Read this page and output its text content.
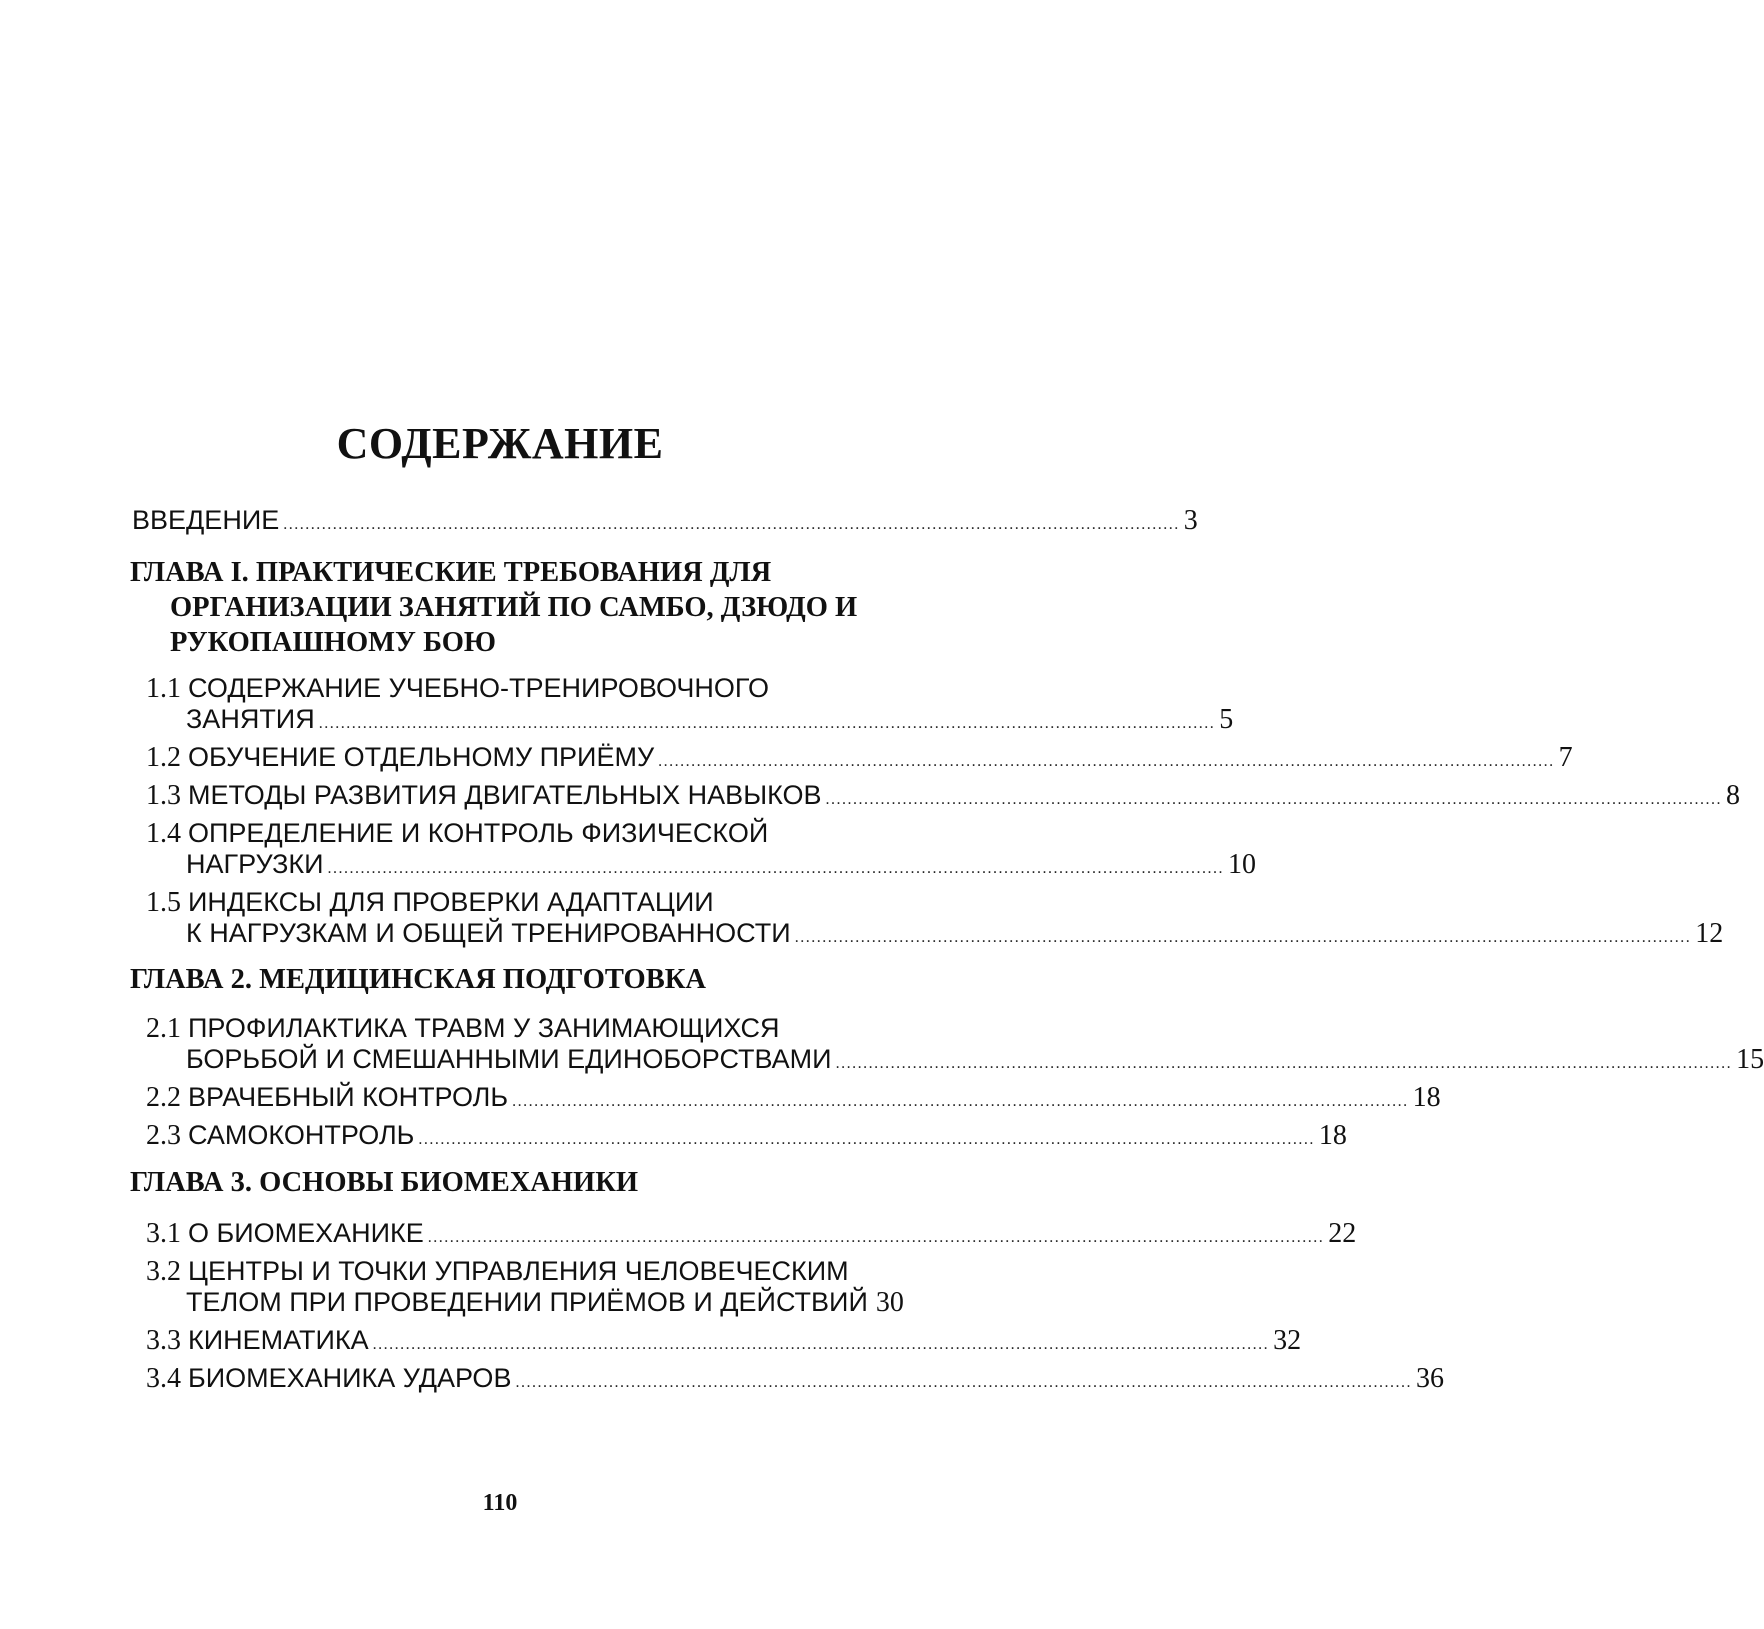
СОДЕРЖАНИЕ
ВВЕДЕНИЕ ................................................................................................................................................................... 3
ГЛАВА I. ПРАКТИЧЕСКИЕ ТРЕБОВАНИЯ ДЛЯ
ОРГАНИЗАЦИИ ЗАНЯТИЙ ПО САМБО, ДЗЮДО И
РУКОПАШНОМУ БОЮ
1.1 СОДЕРЖАНИЕ УЧЕБНО-ТРЕНИРОВОЧНОГО
ЗАНЯТИЯ ................................................................................................................................................................... 5
1.2 ОБУЧЕНИЕ ОТДЕЛЬНОМУ ПРИЁМУ ................................................................................................................................................................... 7
1.3 МЕТОДЫ РАЗВИТИЯ ДВИГАТЕЛЬНЫХ НАВЫКОВ ................................................................................................................................................................... 8
1.4 ОПРЕДЕЛЕНИЕ И КОНТРОЛЬ ФИЗИЧЕСКОЙ
НАГРУЗКИ ................................................................................................................................................................... 10
1.5 ИНДЕКСЫ ДЛЯ ПРОВЕРКИ АДАПТАЦИИ
К НАГРУЗКАМ И ОБЩЕЙ ТРЕНИРОВАННОСТИ ................................................................................................................................................................... 12
ГЛАВА 2. МЕДИЦИНСКАЯ ПОДГОТОВКА
2.1 ПРОФИЛАКТИКА ТРАВМ У ЗАНИМАЮЩИХСЯ
БОРЬБОЙ И СМЕШАННЫМИ ЕДИНОБОРСТВАМИ ................................................................................................................................................................... 15
2.2 ВРАЧЕБНЫЙ КОНТРОЛЬ ................................................................................................................................................................... 18
2.3 САМОКОНТРОЛЬ ................................................................................................................................................................... 18
ГЛАВА 3. ОСНОВЫ БИОМЕХАНИКИ
3.1 О БИОМЕХАНИКЕ ................................................................................................................................................................... 22
3.2 ЦЕНТРЫ И ТОЧКИ УПРАВЛЕНИЯ ЧЕЛОВЕЧЕСКИМ
ТЕЛОМ ПРИ ПРОВЕДЕНИИ ПРИЁМОВ И ДЕЙСТВИЙ 30
3.3 КИНЕМАТИКА ................................................................................................................................................................... 32
3.4 БИОМЕХАНИКА УДАРОВ ................................................................................................................................................................... 36
110
